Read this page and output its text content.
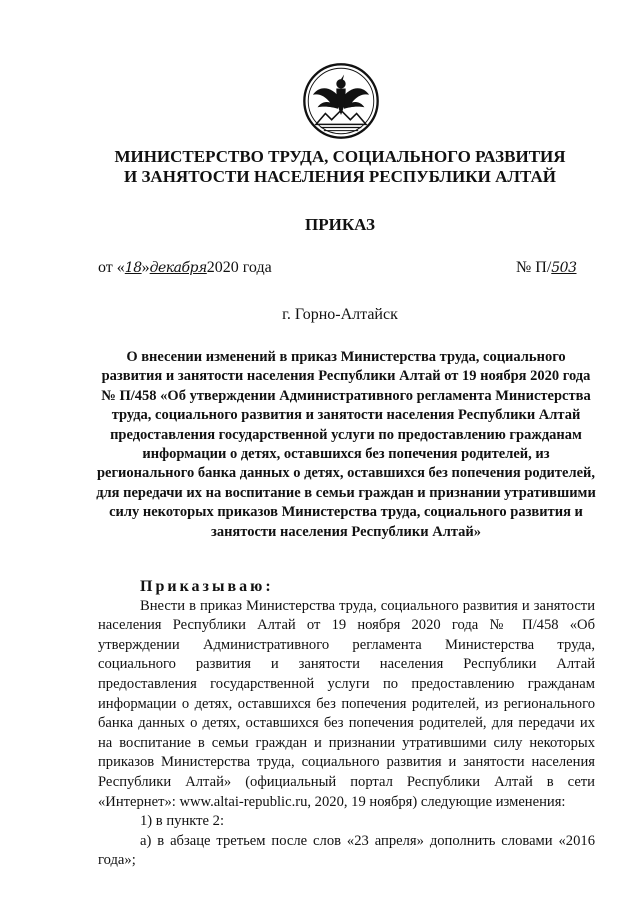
МИНИСТЕРСТВО ТРУДА, СОЦИАЛЬНОГО РАЗВИТИЯ
И ЗАНЯТОСТИ НАСЕЛЕНИЯ РЕСПУБЛИКИ АЛТАЙ
ПРИКАЗ
от «18»декабря2020 года	№ П/503
г. Горно-Алтайск
О внесении изменений в приказ Министерства труда, социального развития и занятости населения Республики Алтай от 19 ноября 2020 года № П/458 «Об утверждении Административного регламента Министерства труда, социального развития и занятости населения Республики Алтай предоставления государственной услуги по предоставлению гражданам информации о детях, оставшихся без попечения родителей, из регионального банка данных о детях, оставшихся без попечения родителей, для передачи их на воспитание в семьи граждан и признании утратившими силу некоторых приказов Министерства труда, социального развития и занятости населения Республики Алтай»
Приказываю:

Внести в приказ Министерства труда, социального развития и занятости населения Республики Алтай от 19 ноября 2020 года № П/458 «Об утверждении Административного регламента Министерства труда, социального развития и занятости населения Республики Алтай предоставления государственной услуги по предоставлению гражданам информации о детях, оставшихся без попечения родителей, из регионального банка данных о детях, оставшихся без попечения родителей, для передачи их на воспитание в семьи граждан и признании утратившими силу некоторых приказов Министерства труда, социального развития и занятости населения Республики Алтай» (официальный портал Республики Алтай в сети «Интернет»: www.altai-republic.ru, 2020, 19 ноября) следующие изменения:

1) в пункте 2:

а) в абзаце третьем после слов «23 апреля» дополнить словами «2016 года»;
